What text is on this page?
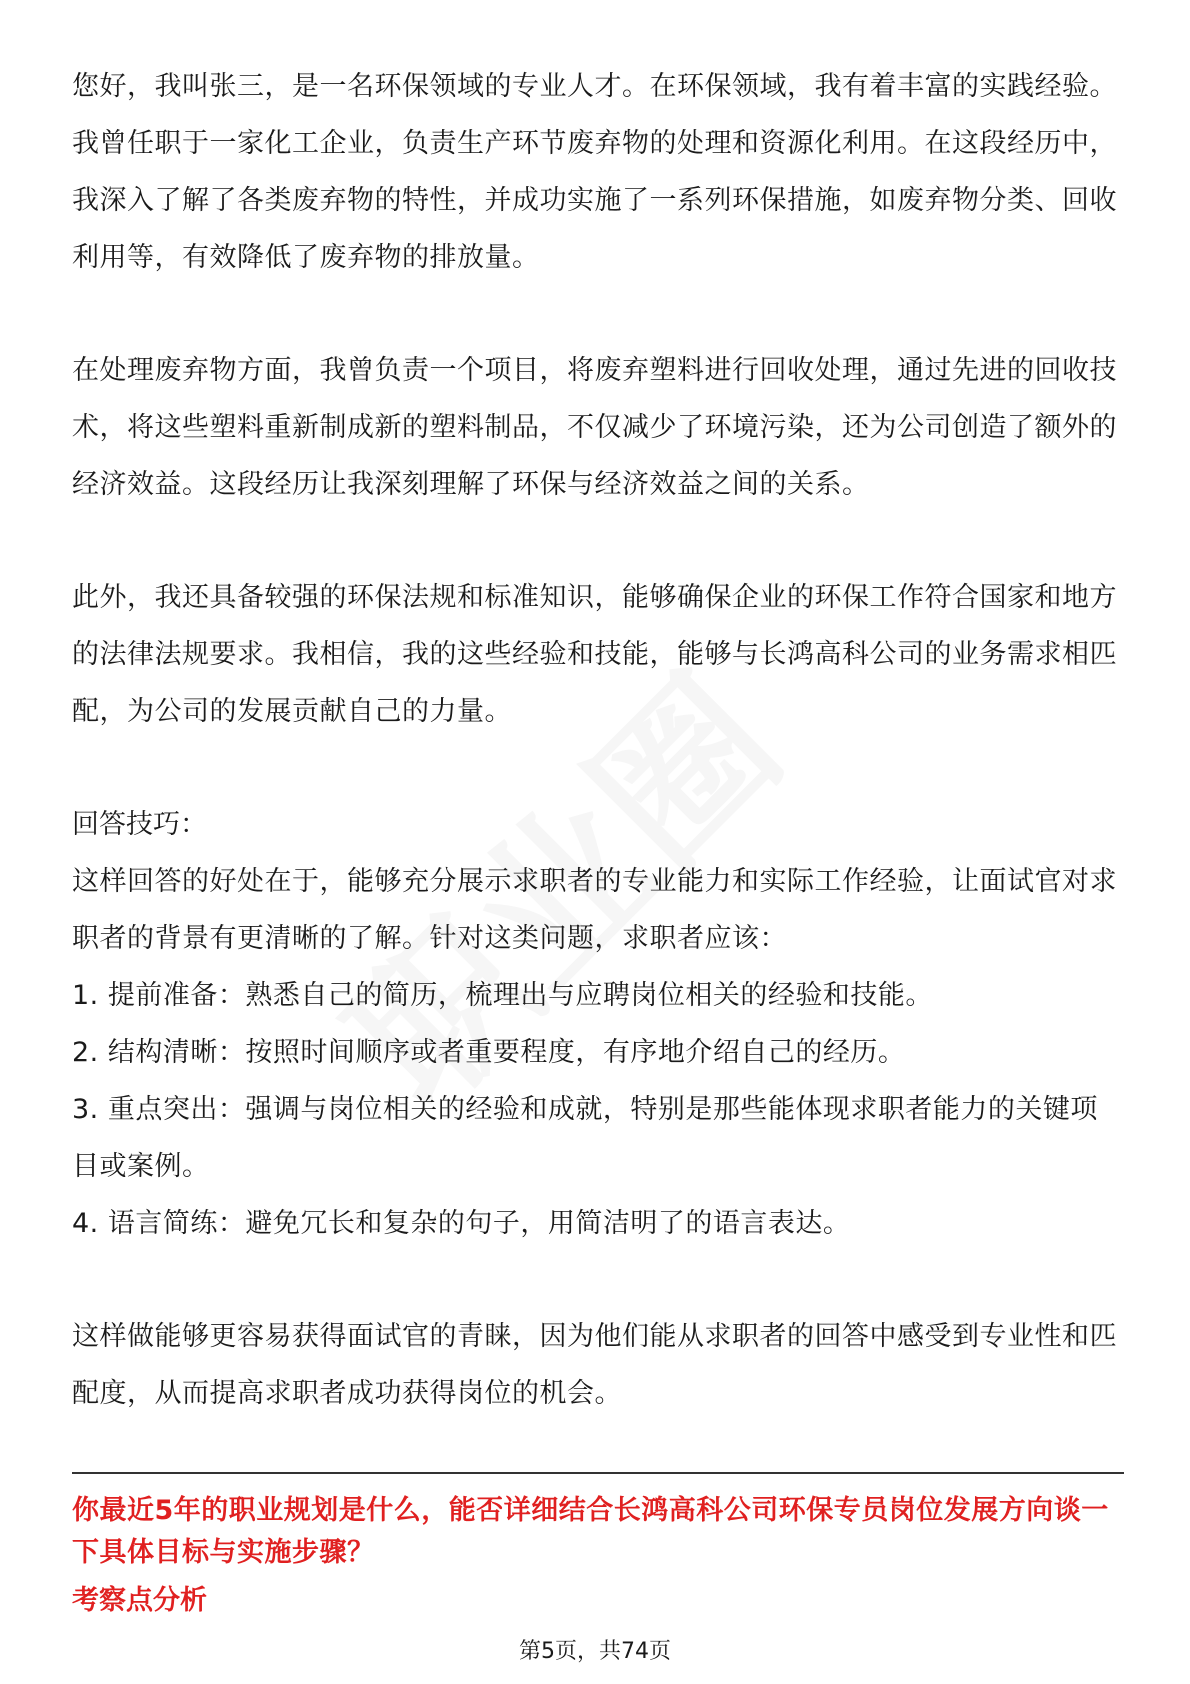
您好，我叫张三，是一名环保领域的专业人才。在环保领域，我有着丰富的实践经验。我曾任职于一家化工企业，负责生产环节废弃物的处理和资源化利用。在这段经历中，我深入了解了各类废弃物的特性，并成功实施了一系列环保措施，如废弃物分类、回收利用等，有效降低了废弃物的排放量。

在处理废弃物方面，我曾负责一个项目，将废弃塑料进行回收处理，通过先进的回收技术，将这些塑料重新制成新的塑料制品，不仅减少了环境污染，还为公司创造了额外的经济效益。这段经历让我深刻理解了环保与经济效益之间的关系。

此外，我还具备较强的环保法规和标准知识，能够确保企业的环保工作符合国家和地方的法律法规要求。我相信，我的这些经验和技能，能够与长鸿高科公司的业务需求相匹配，为公司的发展贡献自己的力量。

回答技巧：

这样回答的好处在于，能够充分展示求职者的专业能力和实际工作经验，让面试官对求职者的背景有更清晰的了解。针对这类问题，求职者应该：

1. 提前准备：熟悉自己的简历，梳理出与应聘岗位相关的经验和技能。

2. 结构清晰：按照时间顺序或者重要程度，有序地介绍自己的经历。

3. 重点突出：强调与岗位相关的经验和成就，特别是那些能体现求职者能力的关键项目或案例。

4. 语言简练：避免冗长和复杂的句子，用简洁明了的语言表达。

这样做能够更容易获得面试官的青睐，因为他们能从求职者的回答中感受到专业性和匹配度，从而提高求职者成功获得岗位的机会。

你最近5年的职业规划是什么，能否详细结合长鸿高科公司环保专员岗位发展方向谈一下具体目标与实施步骤？

考察点分析

第5页，共74页
